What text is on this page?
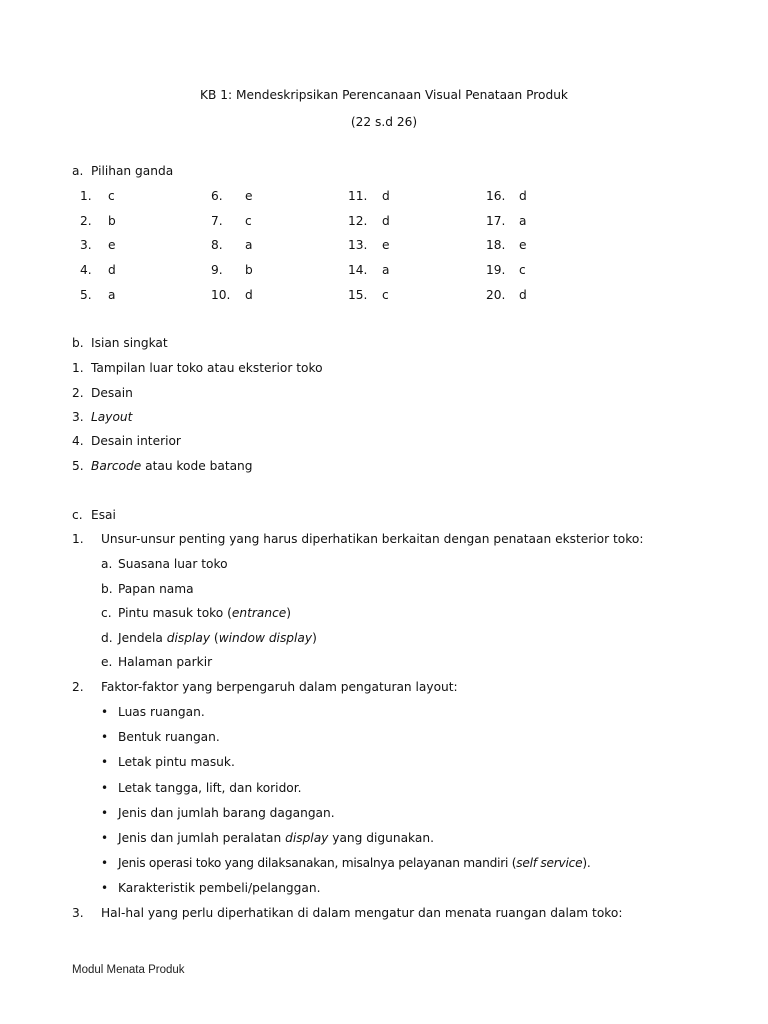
KB 1: Mendeskripsikan Perencanaan Visual Penataan Produk
(22 s.d 26)
a. Pilihan ganda
1. c
2. b
3. e
4. d
5. a
6. e
7. c
8. a
9. b
10. d
11. d
12. d
13. e
14. a
15. c
16. d
17. a
18. e
19. c
20. d
b. Isian singkat
1. Tampilan luar toko atau eksterior toko
2. Desain
3. Layout
4. Desain interior
5. Barcode atau kode batang
c. Esai
1. Unsur-unsur penting yang harus diperhatikan berkaitan dengan penataan eksterior toko:
a. Suasana luar toko
b. Papan nama
c. Pintu masuk toko (entrance)
d. Jendela display (window display)
e. Halaman parkir
2. Faktor-faktor yang berpengaruh dalam pengaturan layout:
• Luas ruangan.
• Bentuk ruangan.
• Letak pintu masuk.
• Letak tangga, lift, dan koridor.
• Jenis dan jumlah barang dagangan.
• Jenis dan jumlah peralatan display yang digunakan.
• Jenis operasi toko yang dilaksanakan, misalnya pelayanan mandiri (self service).
• Karakteristik pembeli/pelanggan.
3. Hal-hal yang perlu diperhatikan di dalam mengatur dan menata ruangan dalam toko:
Modul Menata Produk
